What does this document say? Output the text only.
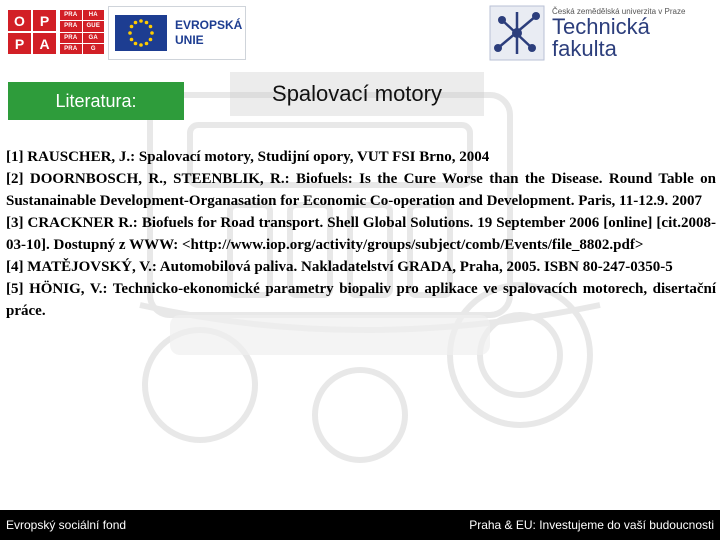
O	P
P	A
PRA	HA
PRA	GUE
PRA	GA
PRA	G
EVROPSKÁ
UNIE
Česká zemědělská univerzita v Praze
Technická
fakulta
Literatura:	Spalovací motory

[1] RAUSCHER, J.: Spalovací motory, Studijní opory, VUT FSI Brno, 2004

[2] DOORNBOSCH, R., STEENBLIK, R.: Biofuels: Is the Cure Worse than the Disease. Round Table on Sustanainable Development-Organasation for Economic Co-operation and Development. Paris, 11-12.9. 2007

[3] CRACKNER R.: Biofuels for Road transport. Shell Global Solutions. 19 September 2006 [online] [cit.2008-03-10]. Dostupný z WWW: <http://www.iop.org/activity/groups/subject/comb/Events/file_8802.pdf>

[4] MATĚJOVSKÝ, V.: Automobilová paliva. Nakladatelství GRADA, Praha, 2005. ISBN 80-247-0350-5

[5] HÖNIG, V.: Technicko-ekonomické parametry biopaliv pro aplikace ve spalovacích motorech, disertační práce.

Evropský sociální fond	Praha & EU: Investujeme do vaší budoucnosti
